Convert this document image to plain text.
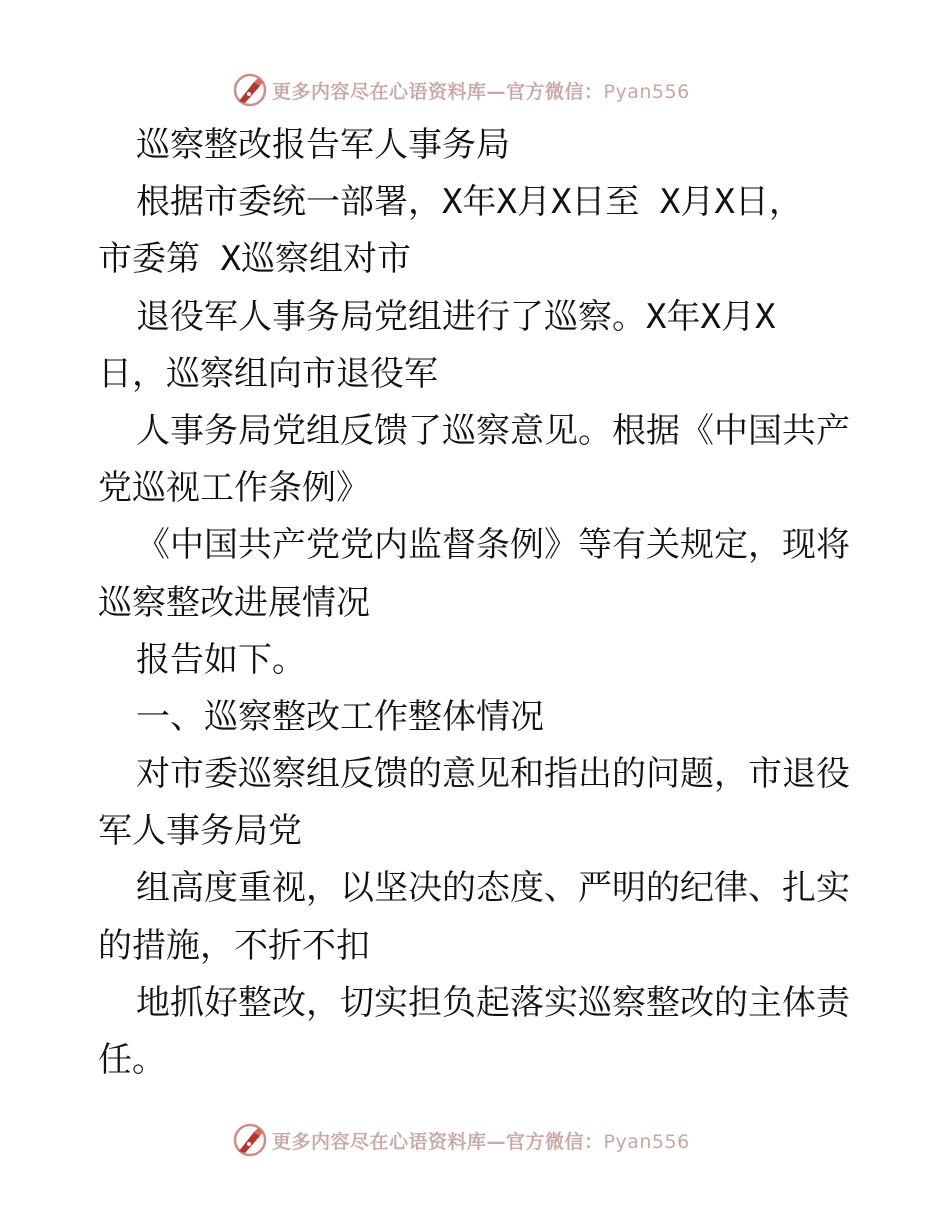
更多内容尽在心语资料库—官方微信：Pyan556
巡察整改报告军人事务局
根据市委统一部署，X年X月X日至 X月X日，
市委第 X巡察组对市
退役军人事务局党组进行了巡察。X年X月X
日，巡察组向市退役军
人事务局党组反馈了巡察意见。根据《中国共产
党巡视工作条例》
《中国共产党党内监督条例》等有关规定，现将
巡察整改进展情况
报告如下。
一、巡察整改工作整体情况
对市委巡察组反馈的意见和指出的问题，市退役
军人事务局党
组高度重视，以坚决的态度、严明的纪律、扎实
的措施，不折不扣
地抓好整改，切实担负起落实巡察整改的主体责
任。
更多内容尽在心语资料库—官方微信：Pyan556
